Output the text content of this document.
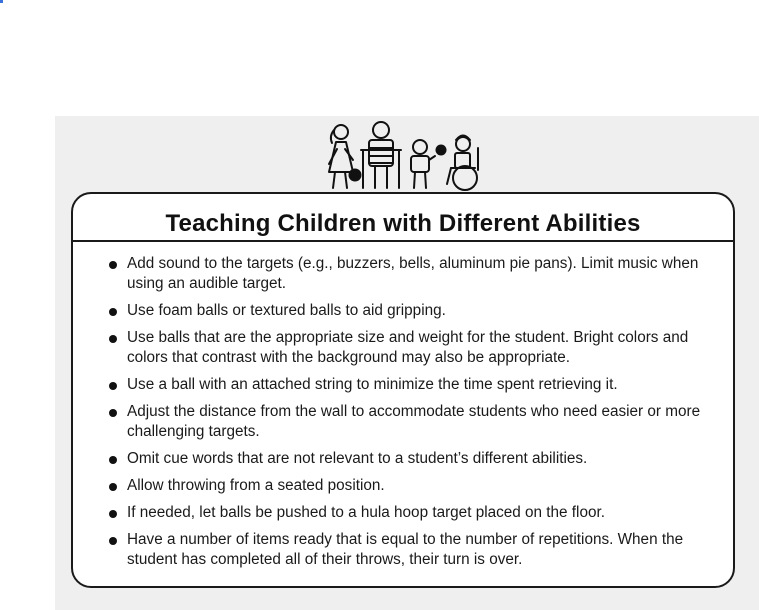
Teaching Children with Different Abilities
Add sound to the targets (e.g., buzzers, bells, aluminum pie pans). Limit music when using an audible target.
Use foam balls or textured balls to aid gripping.
Use balls that are the appropriate size and weight for the student. Bright colors and colors that contrast with the background may also be appropriate.
Use a ball with an attached string to minimize the time spent retrieving it.
Adjust the distance from the wall to accommodate students who need easier or more challenging targets.
Omit cue words that are not relevant to a student’s different abilities.
Allow throwing from a seated position.
If needed, let balls be pushed to a hula hoop target placed on the floor.
Have a number of items ready that is equal to the number of repetitions. When the student has completed all of their throws, their turn is over.
